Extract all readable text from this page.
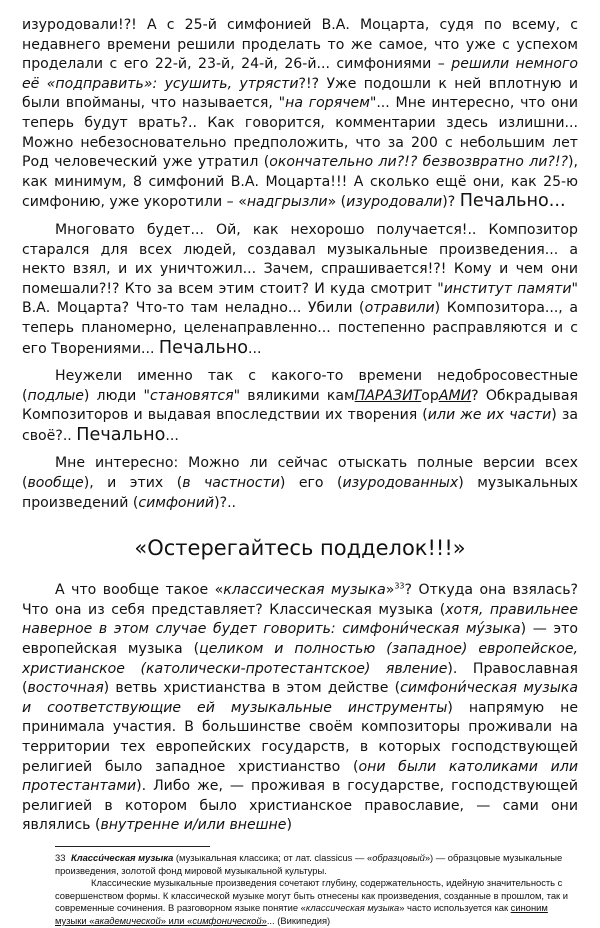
изуродовали!?! А с 25-й симфонией В.А. Моцарта, судя по всему, с недавнего времени решили проделать то же самое, что уже с успехом проделали с его 22-й, 23-й, 24-й, 26-й... симфониями – решили немного её «подправить»: усушить, утрясти?!? Уже подошли к ней вплотную и были впойманы, что называется, "на горячем"... Мне интересно, что они теперь будут врать?.. Как говорится, комментарии здесь излишни... Можно небезосновательно предположить, что за 200 с небольшим лет Род человеческий уже утратил (окончательно ли?!? безвозвратно ли?!?), как минимум, 8 симфоний В.А. Моцарта!!! А сколько ещё они, как 25-ю симфонию, уже укоротили – «надгрызли» (изуродовали)? Печально...

Многовато будет... Ой, как нехорошо получается!.. Композитор старался для всех людей, создавал музыкальные произведения... а некто взял, и их уничтожил... Зачем, спрашивается!?! Кому и чем они помешали?!? Кто за всем этим стоит? И куда смотрит "институт памяти" В.А. Моцарта? Что-то там неладно... Убили (отравили) Композитора..., а теперь планомерно, целенаправленно... постепенно расправляются и с его Творениями... Печально...

Неужели именно так с какого-то времени недобросовестные (подлые) люди "становятся" вяликими камПАРАЗИТорАМИ? Обкрадывая Композиторов и выдавая впоследствии их творения (или же их части) за своё?.. Печально...

Мне интересно: Можно ли сейчас отыскать полные версии всех (вообще), и этих (в частности) его (изуродованных) музыкальных произведений (симфоний)?..

«Остерегайтесь подделок!!!»

А что вообще такое «классическая музыка»$^{33}$? Откуда она взялась? Что она из себя представляет? Классическая музыка (хотя, правильнее наверное в этом случае будет говорить: симфони́ческая му́зыка) — это европейская музыка (целиком и полностью (западное) европейское, христианское (католически-протестантское) явление). Православная (восточная) ветвь христианства в этом действе (симфони́ческая музыка и соответствующие ей музыкальные инструменты) напрямую не принимала участия. В большинстве своём композиторы проживали на территории тех европейских государств, в которых господствующей религией было западное христианство (они были католиками или протестантами). Либо же, — проживая в государстве, господствующей религией в котором было христианское православие, — сами они являлись (внутренне и/или внешне)

33 Класси́ческая музыка (музыкальная классика; от лат. classicus — «образцовый») — образцовые музыкальные произведения, золотой фонд мировой музыкальной культуры.
Классические музыкальные произведения сочетают глубину, содержательность, идейную значительность с совершенством формы. К классической музыке могут быть отнесены как произведения, созданные в прошлом, так и современные сочинения. В разговорном языке понятие «классическая музыка» часто используется как синоним музыки «академической» или «симфонической»... (Википедия)
